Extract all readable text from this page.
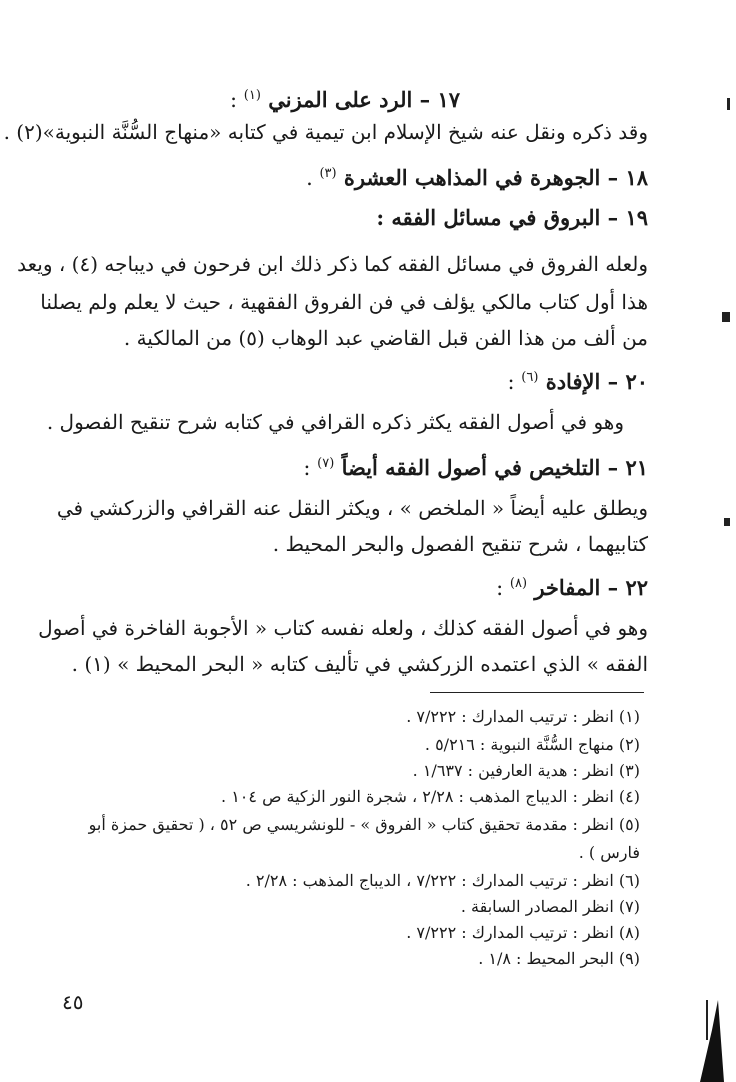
١٧ – الرد على المزني $^{(١)}$ :
وقد ذكره ونقل عنه شيخ الإسلام ابن تيمية في كتابه «منهاج السُّنَّة النبوية»(٢) .
١٨ – الجوهرة في المذاهب العشرة $^{(٣)}$ .
١٩ – البروق في مسائل الفقه :
ولعله الفروق في مسائل الفقه كما ذكر ذلك ابن فرحون في ديباجه (٤) ، ويعد
هذا أول كتاب مالكي يؤلف في فن الفروق الفقهية ، حيث لا يعلم ولم يصلنا
من ألف من هذا الفن قبل القاضي عبد الوهاب (٥) من المالكية .
٢٠ – الإفادة $^{(٦)}$ :
وهو في أصول الفقه يكثر ذكره القرافي في كتابه شرح تنقيح الفصول .
٢١ – التلخيص في أصول الفقه أيضاً $^{(٧)}$ :
ويطلق عليه أيضاً « الملخص » ، ويكثر النقل عنه القرافي والزركشي في
كتابيهما ، شرح تنقيح الفصول والبحر المحيط .
٢٢ – المفاخر $^{(٨)}$ :
وهو في أصول الفقه كذلك ، ولعله نفسه كتاب « الأجوبة الفاخرة في أصول
الفقه » الذي اعتمده الزركشي في تأليف كتابه « البحر المحيط » (١) .
(١) انظر : ترتيب المدارك : ٧/٢٢٢ .
(٢) منهاج السُّنَّة النبوية : ٥/٢١٦ .
(٣) انظر : هدية العارفين : ١/٦٣٧ .
(٤) انظر : الديباج المذهب : ٢/٢٨ ، شجرة النور الزكية ص ١٠٤ .
(٥) انظر : مقدمة تحقيق كتاب « الفروق » - للونشريسي ص ٥٢ ، ( تحقيق حمزة أبو
فارس ) .
(٦) انظر : ترتيب المدارك : ٧/٢٢٢ ، الديباج المذهب : ٢/٢٨ .
(٧) انظر المصادر السابقة .
(٨) انظر : ترتيب المدارك : ٧/٢٢٢ .
(٩) البحر المحيط : ١/٨ .
٤٥
